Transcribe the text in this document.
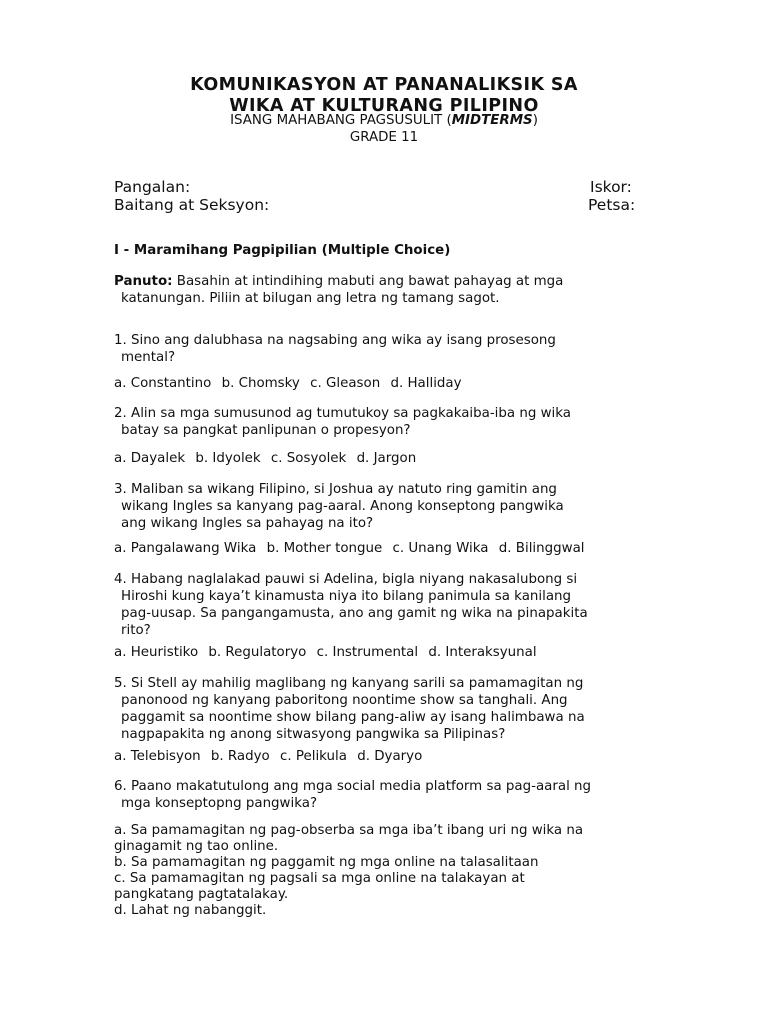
KOMUNIKASYON AT PANANALIKSIK SA
WIKA AT KULTURANG PILIPINO
ISANG MAHABANG PAGSUSULIT (MIDTERMS)
GRADE 11
Pangalan:	Iskor:
Baitang at Seksyon:	Petsa:
I - Maramihang Pagpipilian (Multiple Choice)
Panuto: Basahin at intindihing mabuti ang bawat pahayag at mga
katanungan. Piliin at bilugan ang letra ng tamang sagot.
1. Sino ang dalubhasa na nagsabing ang wika ay isang prosesong
mental?
a. Constantino b. Chomsky c. Gleason d. Halliday
2. Alin sa mga sumusunod ag tumutukoy sa pagkakaiba-iba ng wika
batay sa pangkat panlipunan o propesyon?
a. Dayalek b. Idyolek c. Sosyolek d. Jargon
3. Maliban sa wikang Filipino, si Joshua ay natuto ring gamitin ang
wikang Ingles sa kanyang pag-aaral. Anong konseptong pangwika
ang wikang Ingles sa pahayag na ito?
a. Pangalawang Wika b. Mother tongue c. Unang Wika d. Bilinggwal
4. Habang naglalakad pauwi si Adelina, bigla niyang nakasalubong si
Hiroshi kung kaya’t kinamusta niya ito bilang panimula sa kanilang
pag-uusap. Sa pangangamusta, ano ang gamit ng wika na pinapakita
rito?
a. Heuristiko b. Regulatoryo c. Instrumental d. Interaksyunal
5. Si Stell ay mahilig maglibang ng kanyang sarili sa pamamagitan ng
panonood ng kanyang paboritong noontime show sa tanghali. Ang
paggamit sa noontime show bilang pang-aliw ay isang halimbawa na
nagpapakita ng anong sitwasyong pangwika sa Pilipinas?
a. Telebisyon b. Radyo c. Pelikula d. Dyaryo
6. Paano makatutulong ang mga social media platform sa pag-aaral ng
mga konseptopng pangwika?
a. Sa pamamagitan ng pag-obserba sa mga iba’t ibang uri ng wika na
ginagamit ng tao online.
b. Sa pamamagitan ng paggamit ng mga online na talasalitaan
c. Sa pamamagitan ng pagsali sa mga online na talakayan at
pangkatang pagtatalakay.
d. Lahat ng nabanggit.
